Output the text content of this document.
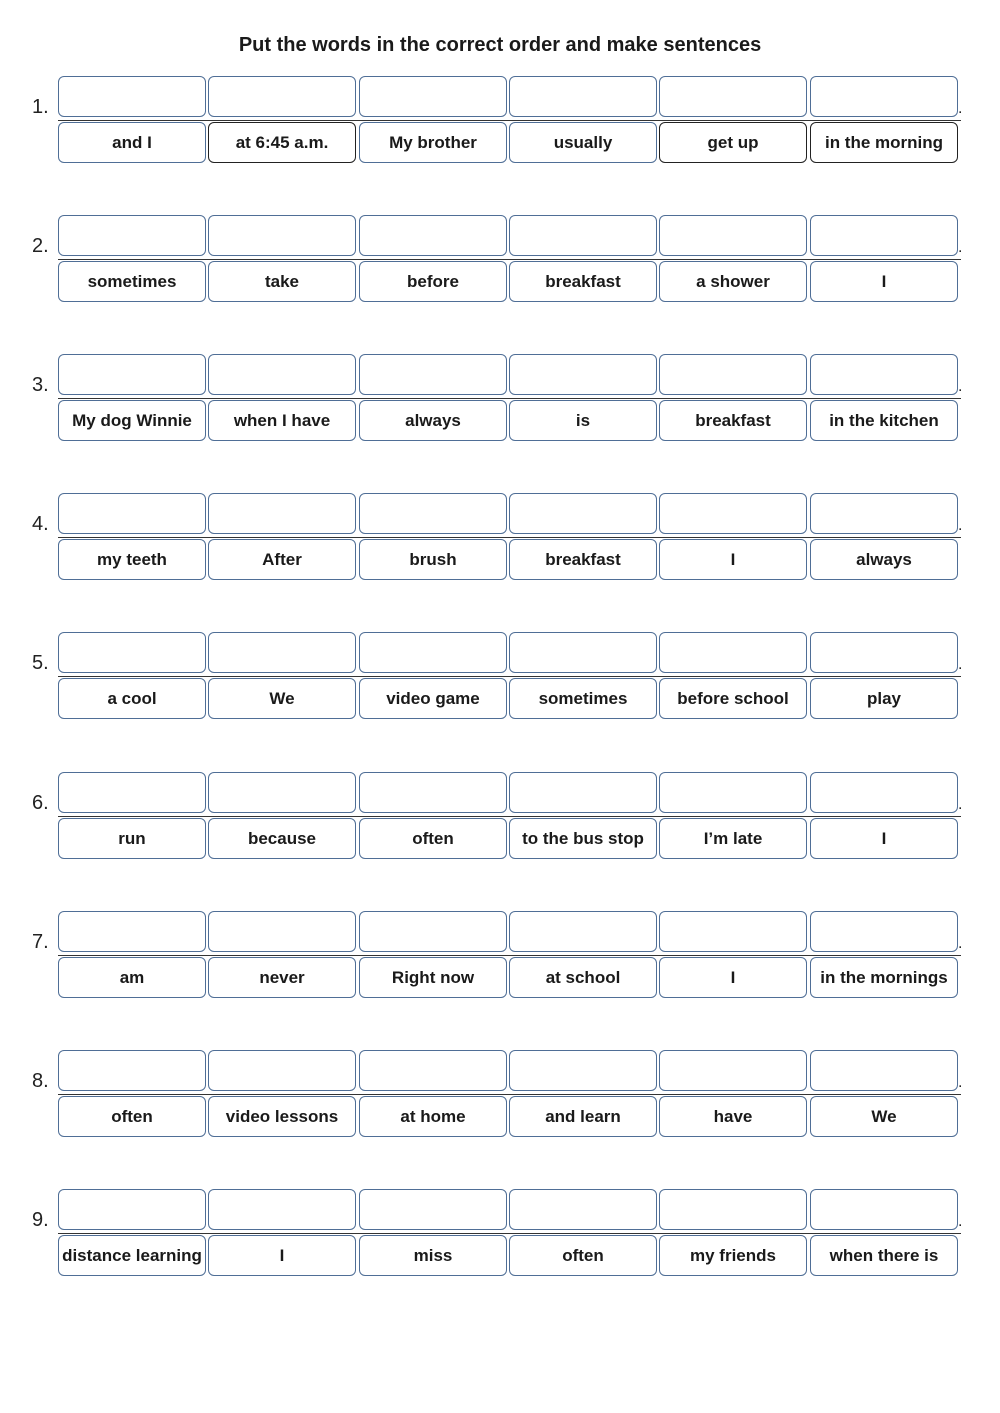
Put the words in the correct order and make sentences
1.	.
and I	at 6:45 a.m.	My brother	usually	get up	in the morning
2.	.
sometimes	take	before	breakfast	a shower	I
3.	.
My dog Winnie	when I have	always	is	breakfast	in the kitchen
4.	.
my teeth	After	brush	breakfast	I	always
5.	.
a cool	We	video game	sometimes	before school	play
6.	.
run	because	often	to the bus stop	I’m late	I
7.	.
am	never	Right now	at school	I	in the mornings
8.	.
often	video lessons	at home	and learn	have	We
9.	.
distance learning	I	miss	often	my friends	when there is
